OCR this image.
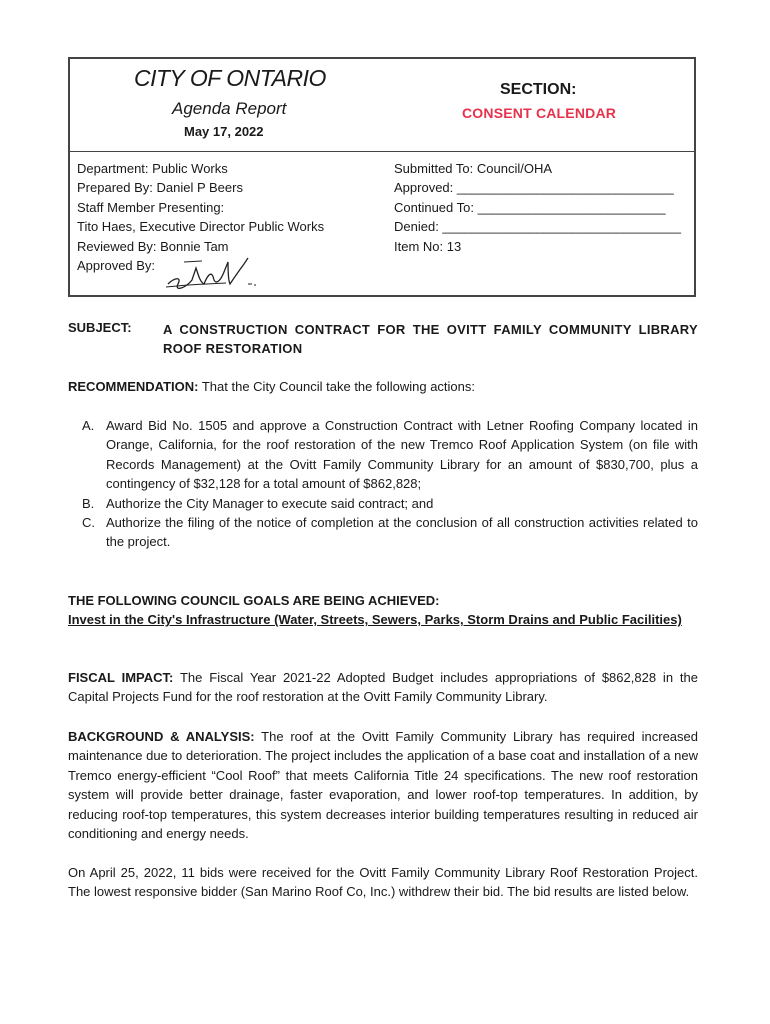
CITY OF ONTARIO
Agenda Report
May 17, 2022
SECTION:
CONSENT CALENDAR
Department: Public Works
Prepared By: Daniel P Beers
Staff Member Presenting:
Tito Haes, Executive Director Public Works
Reviewed By: Bonnie Tam
Approved By:
Submitted To: Council/OHA
Approved: ______________________________
Continued To: __________________________
Denied: _________________________________
Item No: 13
SUBJECT: A CONSTRUCTION CONTRACT FOR THE OVITT FAMILY COMMUNITY LIBRARY ROOF RESTORATION
RECOMMENDATION: That the City Council take the following actions:
A. Award Bid No. 1505 and approve a Construction Contract with Letner Roofing Company located in Orange, California, for the roof restoration of the new Tremco Roof Application System (on file with Records Management) at the Ovitt Family Community Library for an amount of $830,700, plus a contingency of $32,128 for a total amount of $862,828;
B. Authorize the City Manager to execute said contract; and
C. Authorize the filing of the notice of completion at the conclusion of all construction activities related to the project.
THE FOLLOWING COUNCIL GOALS ARE BEING ACHIEVED:
Invest in the City's Infrastructure (Water, Streets, Sewers, Parks, Storm Drains and Public Facilities)
FISCAL IMPACT: The Fiscal Year 2021-22 Adopted Budget includes appropriations of $862,828 in the Capital Projects Fund for the roof restoration at the Ovitt Family Community Library.
BACKGROUND & ANALYSIS: The roof at the Ovitt Family Community Library has required increased maintenance due to deterioration. The project includes the application of a base coat and installation of a new Tremco energy-efficient “Cool Roof” that meets California Title 24 specifications. The new roof restoration system will provide better drainage, faster evaporation, and lower roof-top temperatures. In addition, by reducing roof-top temperatures, this system decreases interior building temperatures resulting in reduced air conditioning and energy needs.
On April 25, 2022, 11 bids were received for the Ovitt Family Community Library Roof Restoration Project. The lowest responsive bidder (San Marino Roof Co, Inc.) withdrew their bid. The bid results are listed below.
